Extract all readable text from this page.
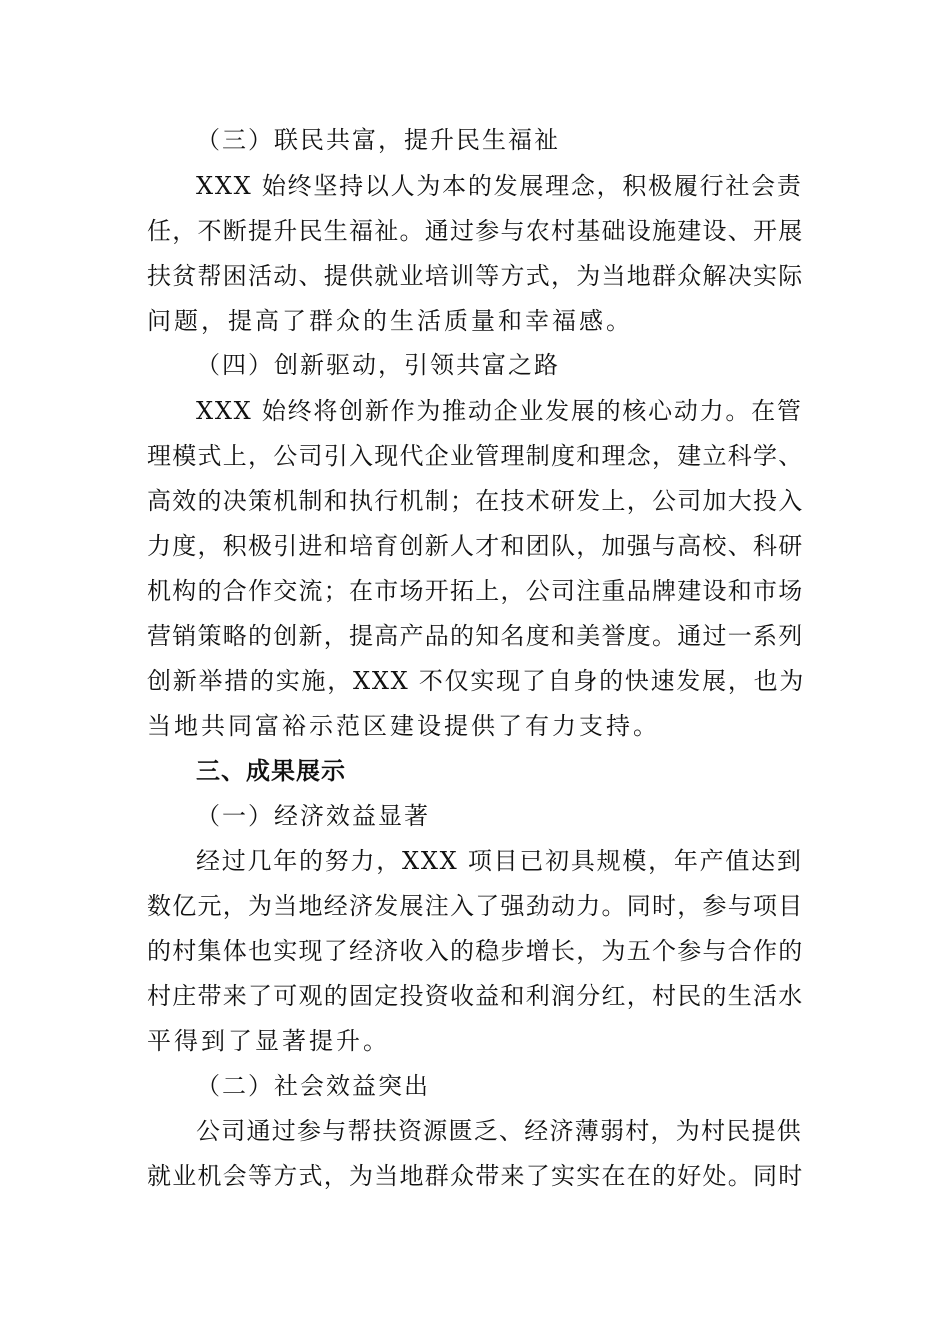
（三）联民共富，提升民生福祉
XXX 始终坚持以人为本的发展理念，积极履行社会责
任，不断提升民生福祉。通过参与农村基础设施建设、开展
扶贫帮困活动、提供就业培训等方式，为当地群众解决实际
问题，提高了群众的生活质量和幸福感。
（四）创新驱动，引领共富之路
XXX 始终将创新作为推动企业发展的核心动力。在管
理模式上，公司引入现代企业管理制度和理念，建立科学、
高效的决策机制和执行机制；在技术研发上，公司加大投入
力度，积极引进和培育创新人才和团队，加强与高校、科研
机构的合作交流；在市场开拓上，公司注重品牌建设和市场
营销策略的创新，提高产品的知名度和美誉度。通过一系列
创新举措的实施，XXX 不仅实现了自身的快速发展，也为
当地共同富裕示范区建设提供了有力支持。
三、成果展示
（一）经济效益显著
经过几年的努力，XXX 项目已初具规模，年产值达到
数亿元，为当地经济发展注入了强劲动力。同时，参与项目
的村集体也实现了经济收入的稳步增长，为五个参与合作的
村庄带来了可观的固定投资收益和利润分红，村民的生活水
平得到了显著提升。
（二）社会效益突出
公司通过参与帮扶资源匮乏、经济薄弱村，为村民提供
就业机会等方式，为当地群众带来了实实在在的好处。同时
